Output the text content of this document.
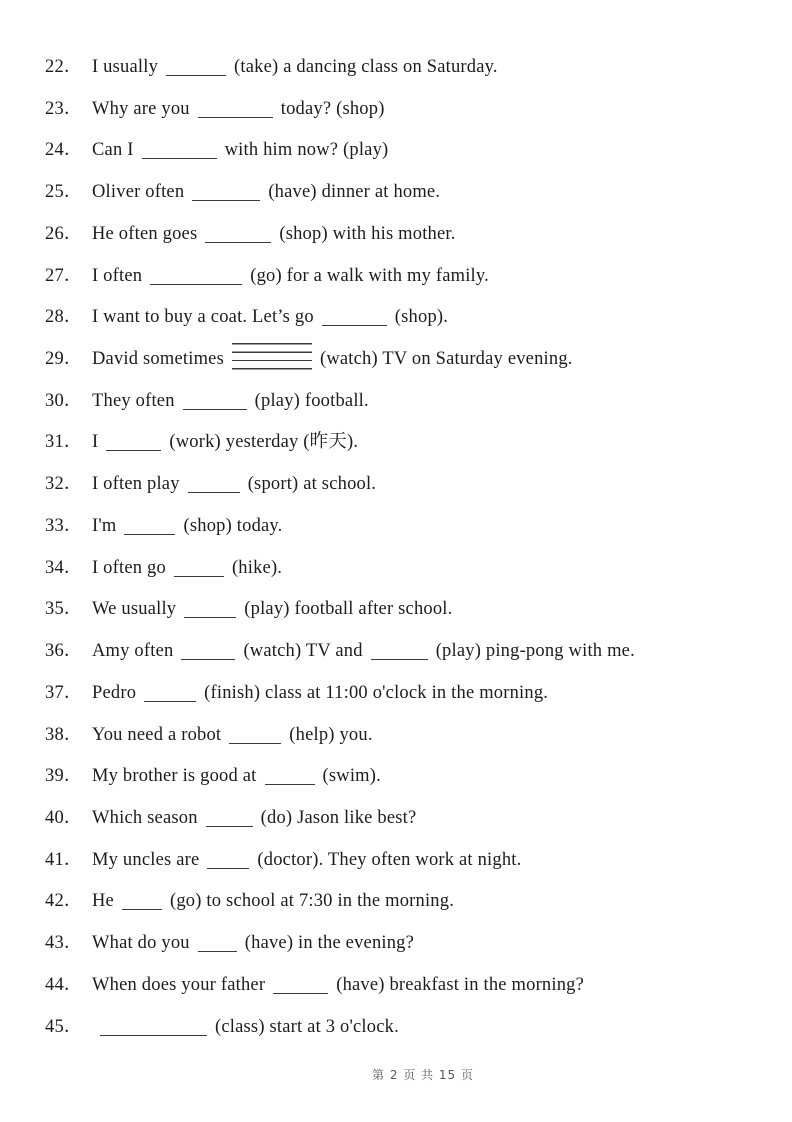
22． I usually	(take) a dancing class on Saturday.
23． Why are you	today? (shop)
24． Can I	with him now? (play)
25． Oliver often	(have) dinner at home.
26． He often goes	(shop) with his mother.
27． I often	(go) for a walk with my family.
28． I want to buy a coat. Let’s go	(shop).
29． David sometimes	(watch) TV on Saturday evening.
30． They often	(play) football.
31． I	(work) yesterday (昨天).
32． I often play	(sport) at school.
33． I'm	(shop) today.
34． I often go	(hike).
35． We usually	(play) football after school.
36． Amy often	(watch) TV and	(play) ping-pong with me.
37． Pedro	(finish) class at 11:00 o'clock in the morning.
38． You need a robot	(help) you.
39． My brother is good at	(swim).
40． Which season	(do) Jason like best?
41． My uncles are	(doctor). They often work at night.
42． He	(go) to school at 7:30 in the morning.
43． What do you	(have) in the evening?
44． When does your father	(have) breakfast in the morning?
45．	(class) start at 3 o'clock.
第 2 页 共 15 页
